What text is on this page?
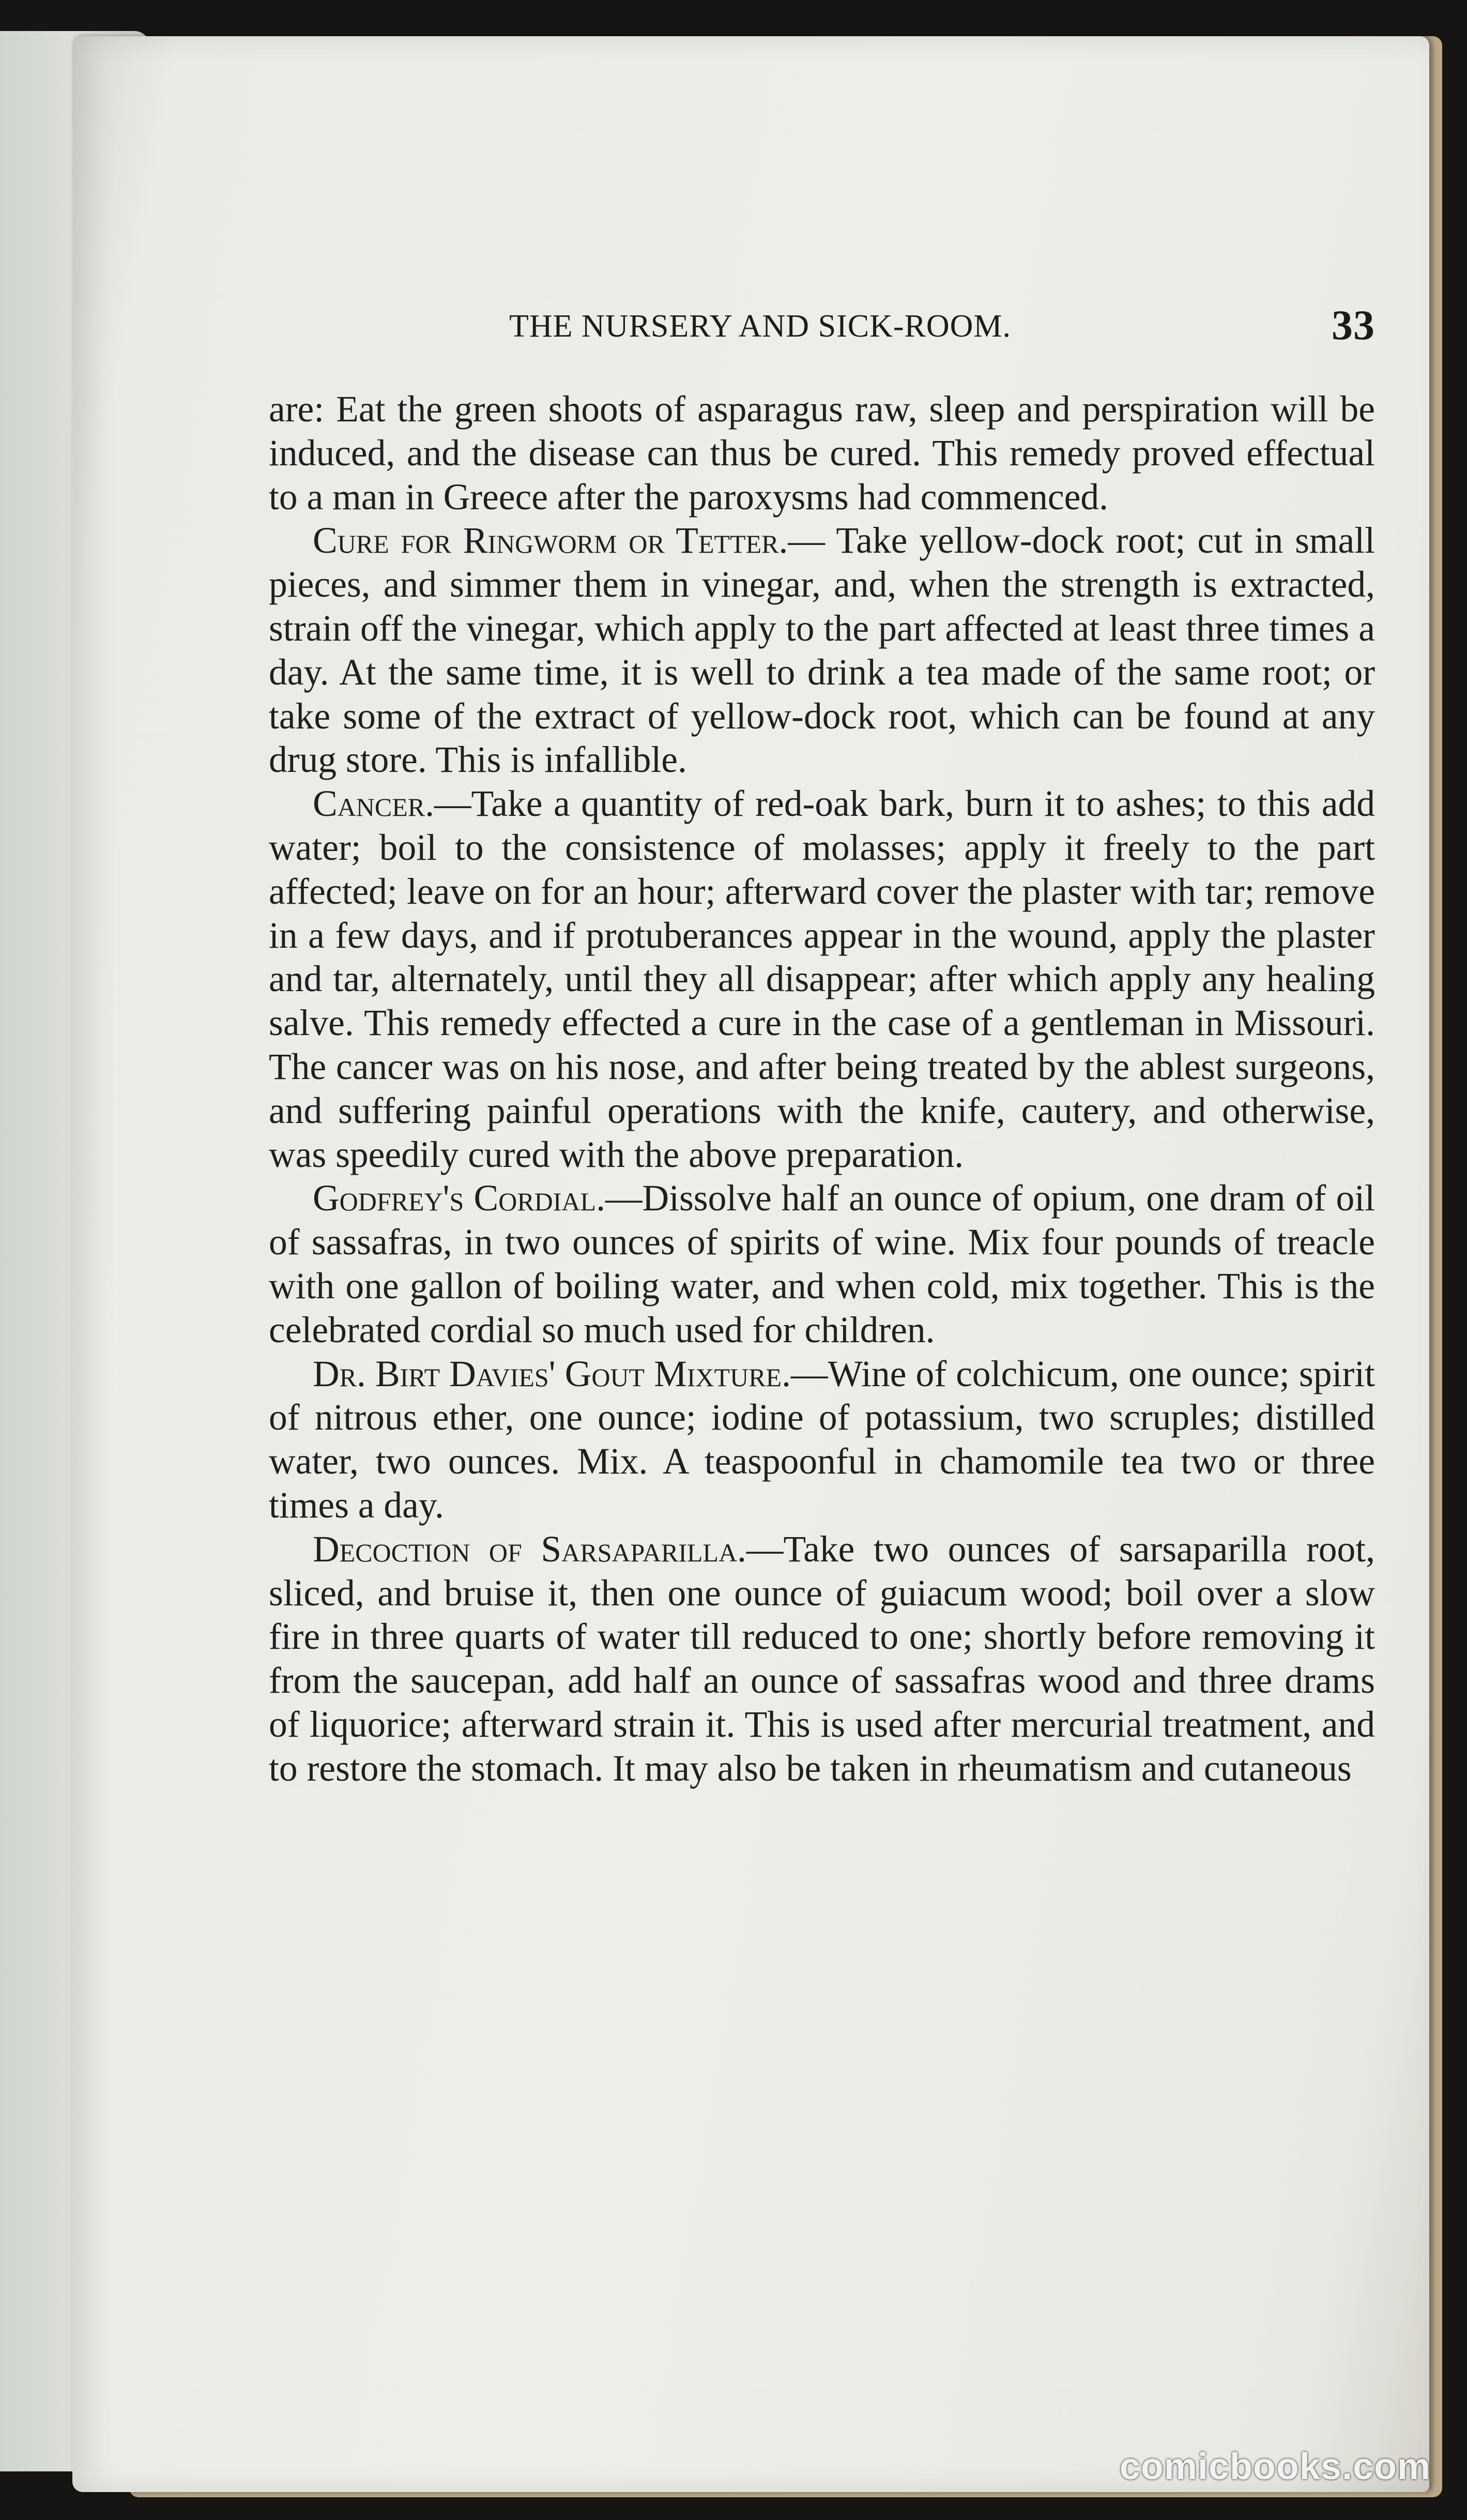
THE NURSERY AND SICK-ROOM.	33

are: Eat the green shoots of asparagus raw, sleep and perspiration will be induced, and the disease can thus be cured. This remedy proved effectual to a man in Greece after the paroxysms had commenced.

Cure for Ringworm or Tetter.— Take yellow-dock root; cut in small pieces, and simmer them in vinegar, and, when the strength is extracted, strain off the vinegar, which apply to the part affected at least three times a day. At the same time, it is well to drink a tea made of the same root; or take some of the extract of yellow-dock root, which can be found at any drug store. This is infallible.

Cancer.—Take a quantity of red-oak bark, burn it to ashes; to this add water; boil to the consistence of molasses; apply it freely to the part affected; leave on for an hour; afterward cover the plaster with tar; remove in a few days, and if protuberances appear in the wound, apply the plaster and tar, alternately, until they all disappear; after which apply any healing salve. This remedy effected a cure in the case of a gentleman in Missouri. The cancer was on his nose, and after being treated by the ablest surgeons, and suffering painful operations with the knife, cautery, and otherwise, was speedily cured with the above preparation.

Godfrey's Cordial.—Dissolve half an ounce of opium, one dram of oil of sassafras, in two ounces of spirits of wine. Mix four pounds of treacle with one gallon of boiling water, and when cold, mix together. This is the celebrated cordial so much used for children.

Dr. Birt Davies' Gout Mixture.—Wine of colchicum, one ounce; spirit of nitrous ether, one ounce; iodine of potassium, two scruples; distilled water, two ounces. Mix. A teaspoonful in chamomile tea two or three times a day.

Decoction of Sarsaparilla.—Take two ounces of sarsaparilla root, sliced, and bruise it, then one ounce of guiacum wood; boil over a slow fire in three quarts of water till reduced to one; shortly before removing it from the saucepan, add half an ounce of sassafras wood and three drams of liquorice; afterward strain it. This is used after mercurial treatment, and to restore the stomach. It may also be taken in rheumatism and cutaneous

comicbooks.com
